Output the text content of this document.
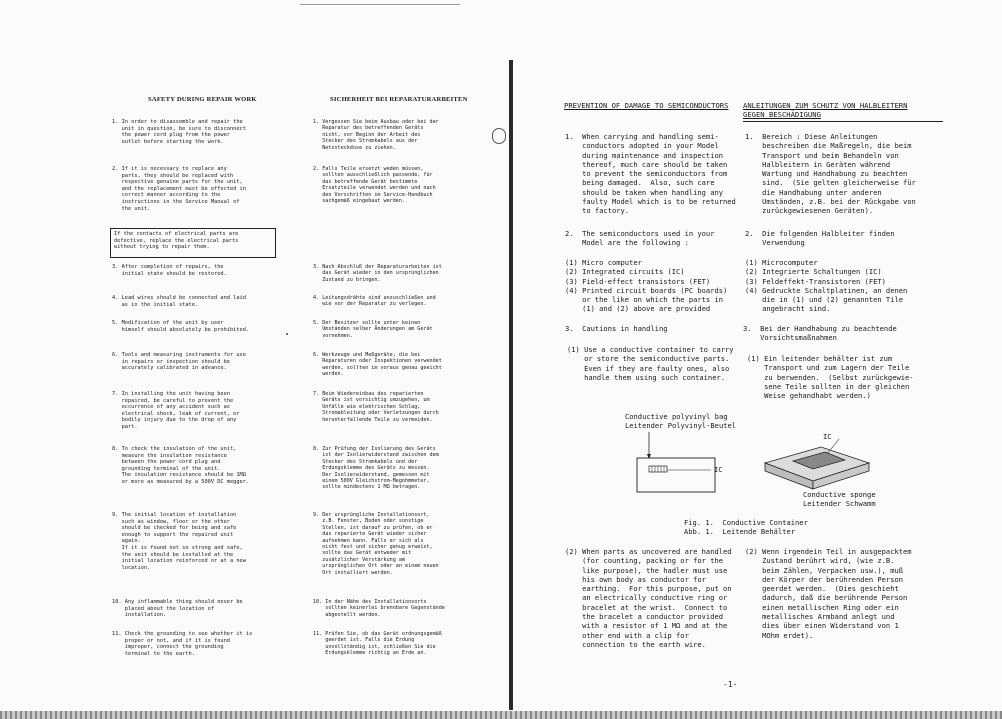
SAFETY DURING REPAIR WORK	SICHERHEIT BEI REPARATURARBEITEN
1. In order to disassemble and repair the
unit in question, be sure to disconnect
the power cord plug from the power
outlet before starting the work.
2. If it is necessary to replace any
parts, they should be replaced with
respective genuine parts for the unit,
and the replacement must be effected in
correct manner according to the
instructions in the Service Manual of
the unit.
If the contacts of electrical parts are
defective, replace the electrical parts
without trying to repair them.
3. After completion of repairs, the
initial state should be restored.
4. Lead wires should be connected and laid
as in the initial state.
5. Modification of the unit by user
himself should absolutely be prohibited.
6. Tools and measuring instruments for use
in repairs or inspection should be
accurately calibrated in advance.
7. In installing the unit having been
repaired, be careful to prevent the
occurrence of any accident such as
electrical shock, leak of current, or
bodily injury due to the drop of any
part.
8. To check the insulation of the unit,
measure the insulation resistance
between the power cord plug and
grounding terminal of the unit.
The insulation resistance should be 1MΩ
or more as measured by a 500V DC megger.
9. The initial location of installation
such as window, floor or the other
should be checked for being and safe
enough to support the repaired unit
again.
If it is found not so strong and safe,
the unit should be installed at the
initial location reinforced or at a new
location.
10. Any inflammable thing should never be
placed about the location of
installation.
11. Check the grounding to see whether it is
proper or not, and if it is found
improper, connect the grounding
terminal to the earth.
1. Vergessen Sie beim Ausbau oder bei der
Reparatur des betreffenden Geräts
nicht, vor Beginn der Arbeit des
Stecker des Stromkabels aus der
Netzsteckdose zu ziehen.
2. Falls Teile ersetzt weden müssen,
sollten ausschließlich passende, für
das betreffende Gerät bestimmte
Ersatzteile verwendet werden und nach
den Vorschriften im Service-Handbuch
sachgemäß eingebaut werden.
3. Nach Abschluß der Reparaturarbeiten ist
das Gerät wieder in den ursprünglichen
Zustand zu bringen.
4. Leitungsdrähte sind anzuschließen und
wie vor der Reparatur zu verlegen.
5. Der Besitzer sollte unter keinen
Umständen selber Änderungen am Gerät
vornehmen.
6. Werkzeuge und Meßgeräte, die bei
Reparaturen oder Inspektionen verwendet
werden, sollten im voraus genau geeicht
werden.
7. Beim Wiedereinbau des reparierten
Geräts ist vorsichtig umzugehen, um
Unfälle wie elektrischen Schlag,
Stromableitung oder Verletzungen durch
herunterfallende Teile zu vermeiden.
8. Zur Prüfung der Isolierung des Geräts
ist der Isolierwiderstand zwischen dem
Stecker des Stromkabels und der
Erdungsklemme des Geräts zu messen.
Der Isolierwiderstand, gemessen mit
einem 500V Gleichstrom-Megohmmeter,
sollte mindestens 1 MΩ betragen.
9. Der ursprüngliche Installationsort,
z.B. Fenster, Boden oder sonstige
Stellen, ist darauf zu prüfen, ob er
das reparierte Gerät wieder sicher
aufnehmen kann. Falls er sich als
nicht fest und sicher genug erweist,
sollte das Gerät entweder mit
zusätzlicher Verstärkung am
ursprünglichen Ort oder an einem neuen
Ort installiert werden.
10. In der Nähe des Installationsorts
sollten keinerlei brennbare Gegenstände
abgestellt werden.
11. Prüfen Sie, ob das Gerät ordnungsgemäß
geerdet ist. Falls die Erdung
unvollständig ist, schließen Sie die
Erdungsklemme richtig an Erde an.
PREVENTION OF DAMAGE TO SEMICONDUCTORS ANLEITUNGEN ZUM SCHUTZ VON HALBLEITERN
GEGEN BESCHÄDIGUNG
1.  When carrying and handling semi-
conductors adopted in your Model
during maintenance and inspection
thereof, much care should be taken
to prevent the semiconductors from
being damaged.  Also, such care
should be taken when handling any
faulty Model which is to be returned
to factory.
1.  Bereich : Diese Anleitungen
beschreiben die Maßregeln, die beim
Transport und beim Behandeln von
Halbleitern in Geräten während
Wartung und Handhabung zu beachten
sind.  (Sie gelten gleicherweise für
die Handhabung unter anderen
Umständen, z.B. bei der Rückgabe von
zurückgewiesenen Geräten).
2.  The semiconductors used in your
Model are the following :
2.  Die folgenden Halbleiter finden
Verwendung
(1) Micro computer
(2) Integrated circuits (IC)
(3) Field-effect transistors (FET)
(4) Printed circuit boards (PC boards)
or the like on which the parts in
(1) and (2) above are provided
(1) Microcomputer
(2) Integrierte Schaltungen (IC)
(3) Feldeffekt-Transistoren (FET)
(4) Gedruckte Schaltplatinen, an denen
die in (1) und (2) genannten Tile
angebracht sind.
3.  Cautions in handling	3.  Bei der Handhabung zu beachtende
Vorsichtsmaßnahmen
(1) Use a conductive container to carry
or store the semiconductive parts.
Even if they are faulty ones, also
handle them using such container.
(1) Ein leitender behälter ist zum
Transport und zum Lagern der Teile
zu berwenden.  (Selbst zurückgewie-
sene Teile sollten in der gleichen
Weise gehandhabt werden.)
Conductive polyvinyl bag
Leitender Polyvinyl-Beutel
IC
IC
Conductive sponge
Leitender Schwamm
Fig. 1.  Conductive Container
Abb. 1.  Leitende Behälter
(2) When parts as uncovered are handled
(for counting, packing or for the
like purpose), the hadler must use
his own body as conductor for
earthing.  For this purpose, put on
an electrically conductive ring or
bracelet at the wrist.  Connect to
the bracelet a conductor provided
with a resistor of 1 MΩ and at the
other end with a clip for
connection to the earth wire.
(2) Wenn irgendein Teil in ausgepacktem
Zustand berührt wird, (wie z.B.
beim Zählen, Verpacken usw.), muß
der Körper der berührenden Person
geerdet werden.  (Dies geschieht
dadurch, daß die berührende Person
einen metallischen Ring oder ein
metallisches Armband anlegt und
dies über einen Widerstand von 1
MOhm erdet).
-1-
